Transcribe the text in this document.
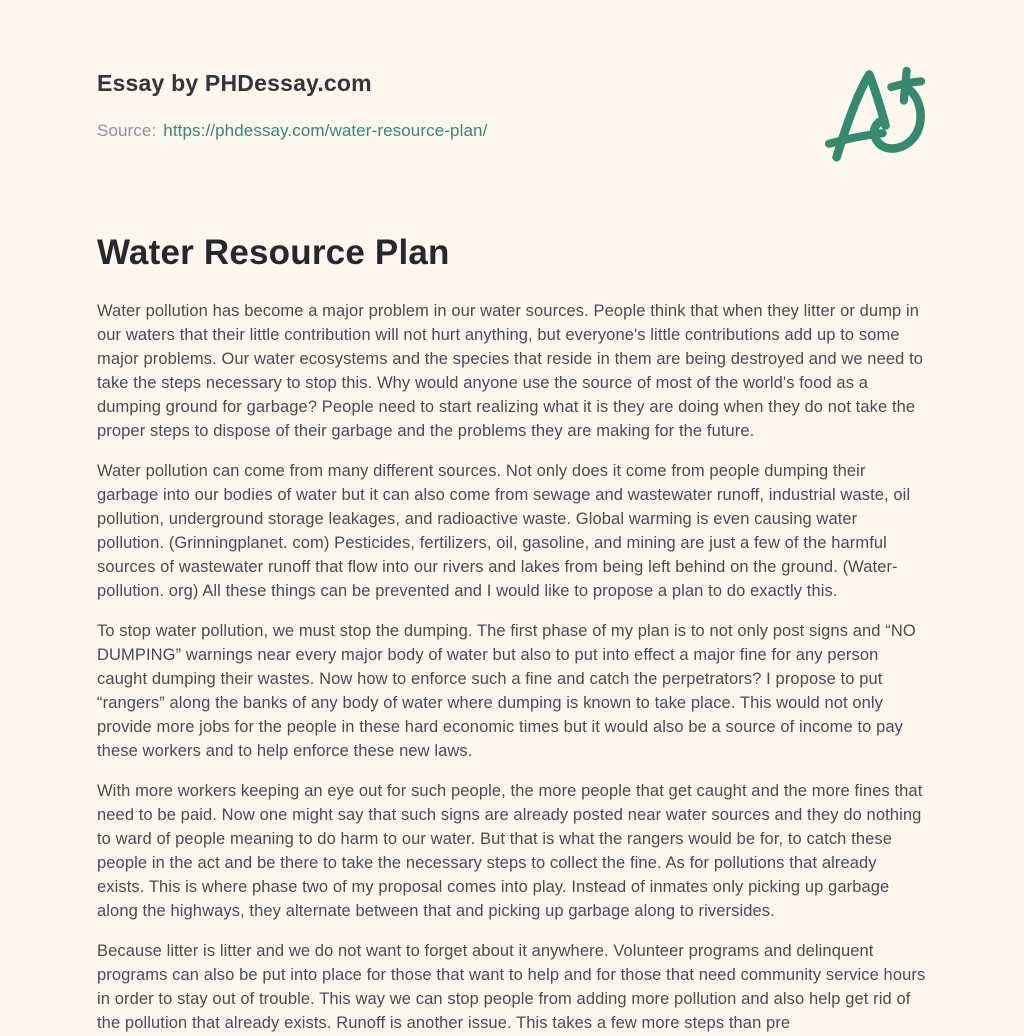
Essay by PHDessay.com
Source: https://phdessay.com/water-resource-plan/
Water Resource Plan

Water pollution has become a major problem in our water sources. People think that when they litter or dump in our waters that their little contribution will not hurt anything, but everyone's little contributions add up to some major problems. Our water ecosystems and the species that reside in them are being destroyed and we need to take the steps necessary to stop this. Why would anyone use the source of most of the world's food as a dumping ground for garbage? People need to start realizing what it is they are doing when they do not take the proper steps to dispose of their garbage and the problems they are making for the future.

Water pollution can come from many different sources. Not only does it come from people dumping their garbage into our bodies of water but it can also come from sewage and wastewater runoff, industrial waste, oil pollution, underground storage leakages, and radioactive waste. Global warming is even causing water pollution. (Grinningplanet. com) Pesticides, fertilizers, oil, gasoline, and mining are just a few of the harmful sources of wastewater runoff that flow into our rivers and lakes from being left behind on the ground. (Water-pollution. org) All these things can be prevented and I would like to propose a plan to do exactly this.

To stop water pollution, we must stop the dumping. The first phase of my plan is to not only post signs and “NO DUMPING” warnings near every major body of water but also to put into effect a major fine for any person caught dumping their wastes. Now how to enforce such a fine and catch the perpetrators? I propose to put “rangers” along the banks of any body of water where dumping is known to take place. This would not only provide more jobs for the people in these hard economic times but it would also be a source of income to pay these workers and to help enforce these new laws.

With more workers keeping an eye out for such people, the more people that get caught and the more fines that need to be paid. Now one might say that such signs are already posted near water sources and they do nothing to ward of people meaning to do harm to our water. But that is what the rangers would be for, to catch these people in the act and be there to take the necessary steps to collect the fine. As for pollutions that already exists. This is where phase two of my proposal comes into play. Instead of inmates only picking up garbage along the highways, they alternate between that and picking up garbage along to riversides.

Because litter is litter and we do not want to forget about it anywhere. Volunteer programs and delinquent programs can also be put into place for those that want to help and for those that need community service hours in order to stay out of trouble. This way we can stop people from adding more pollution and also help get rid of the pollution that already exists. Runoff is another issue. This takes a few more steps than pre
